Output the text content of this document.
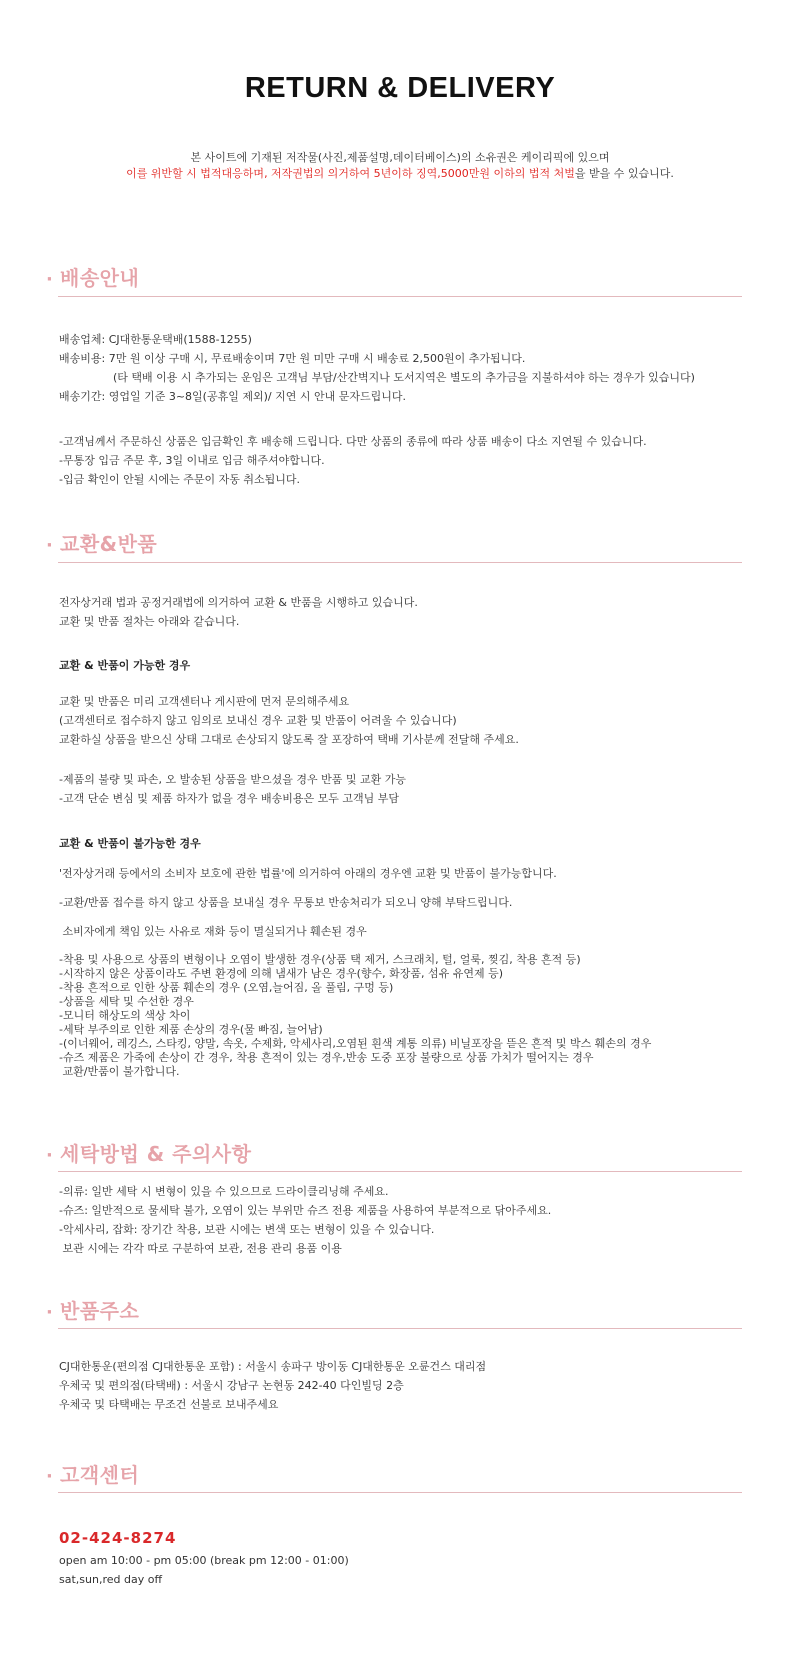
RETURN & DELIVERY
본 사이트에 기재된 저작물(사진,제품설명,데이터베이스)의 소유권은 케이리픽에 있으며
이를 위반할 시 법적대응하며, 저작권법의 의거하여 5년이하 징역,5000만원 이하의 법적 처벌을 받을 수 있습니다.
· 배송안내
배송업체: CJ대한통운택배(1588-1255)
배송비용: 7만 원 이상 구매 시, 무료배송이며 7만 원 미만 구매 시 배송료 2,500원이 추가됩니다.
(타 택배 이용 시 추가되는 운임은 고객님 부담/산간벽지나 도서지역은 별도의 추가금을 지불하셔야 하는 경우가 있습니다)
배송기간: 영업일 기준 3~8일(공휴일 제외)/ 지연 시 안내 문자드립니다.
-고객님께서 주문하신 상품은 입금확인 후 배송해 드립니다. 다만 상품의 종류에 따라 상품 배송이 다소 지연될 수 있습니다.
-무통장 입금 주문 후, 3일 이내로 입금 해주셔야합니다.
-입금 확인이 안될 시에는 주문이 자동 취소됩니다.
· 교환&반품
전자상거래 법과 공정거래법에 의거하여 교환 & 반품을 시행하고 있습니다.
교환 및 반품 절차는 아래와 같습니다.
교환 & 반품이 가능한 경우
교환 및 반품은 미리 고객센터나 게시판에 먼저 문의해주세요
(고객센터로 접수하지 않고 임의로 보내신 경우 교환 및 반품이 어려울 수 있습니다)
교환하실 상품을 받으신 상태 그대로 손상되지 않도록 잘 포장하여 택배 기사분께 전달해 주세요.
-제품의 불량 및 파손, 오 발송된 상품을 받으셨을 경우 반품 및 교환 가능
-고객 단순 변심 및 제품 하자가 없을 경우 배송비용은 모두 고객님 부담
교환 & 반품이 불가능한 경우
'전자상거래 등에서의 소비자 보호에 관한 법률'에 의거하여 아래의 경우엔 교환 및 반품이 불가능합니다.
-교환/반품 접수를 하지 않고 상품을 보내실 경우 무통보 반송처리가 되오니 양해 부탁드립니다.
소비자에게 책임 있는 사유로 재화 등이 멸실되거나 훼손된 경우
-착용 및 사용으로 상품의 변형이나 오염이 발생한 경우(상품 택 제거, 스크래치, 털, 얼룩, 찢김, 착용 흔적 등)
-시작하지 않은 상품이라도 주변 환경에 의해 냄새가 남은 경우(향수, 화장품, 섬유 유연제 등)
-착용 흔적으로 인한 상품 훼손의 경우 (오염,늘어짐, 올 풀림, 구멍 등)
-상품을 세탁 및 수선한 경우
-모니터 해상도의 색상 차이
-세탁 부주의로 인한 제품 손상의 경우(물 빠짐, 늘어남)
-(이너웨어, 레깅스, 스타킹, 양말, 속옷, 수제화, 악세사리,오염된 흰색 계통 의류) 비닐포장을 뜯은 흔적 및 박스 훼손의 경우
-슈즈 제품은 가죽에 손상이 간 경우, 착용 흔적이 있는 경우,반송 도중 포장 불량으로 상품 가치가 떨어지는 경우
교환/반품이 불가합니다.
· 세탁방법 & 주의사항
-의류: 일반 세탁 시 변형이 있을 수 있으므로 드라이클리닝해 주세요.
-슈즈: 일반적으로 물세탁 불가, 오염이 있는 부위만 슈즈 전용 제품을 사용하여 부분적으로 닦아주세요.
-악세사리, 잡화: 장기간 착용, 보관 시에는 변색 또는 변형이 있을 수 있습니다.
보관 시에는 각각 따로 구분하여 보관, 전용 관리 용품 이용
· 반품주소
CJ대한통운(편의점 CJ대한통운 포함) : 서울시 송파구 방이동 CJ대한통운 오륜건스 대리점
우체국 및 편의점(타택배) : 서울시 강남구 논현동 242-40 다인빌딩 2층
우체국 및 타택배는 무조건 선불로 보내주세요
· 고객센터
02-424-8274
open am 10:00 - pm 05:00 (break pm 12:00 - 01:00)
sat,sun,red day off
